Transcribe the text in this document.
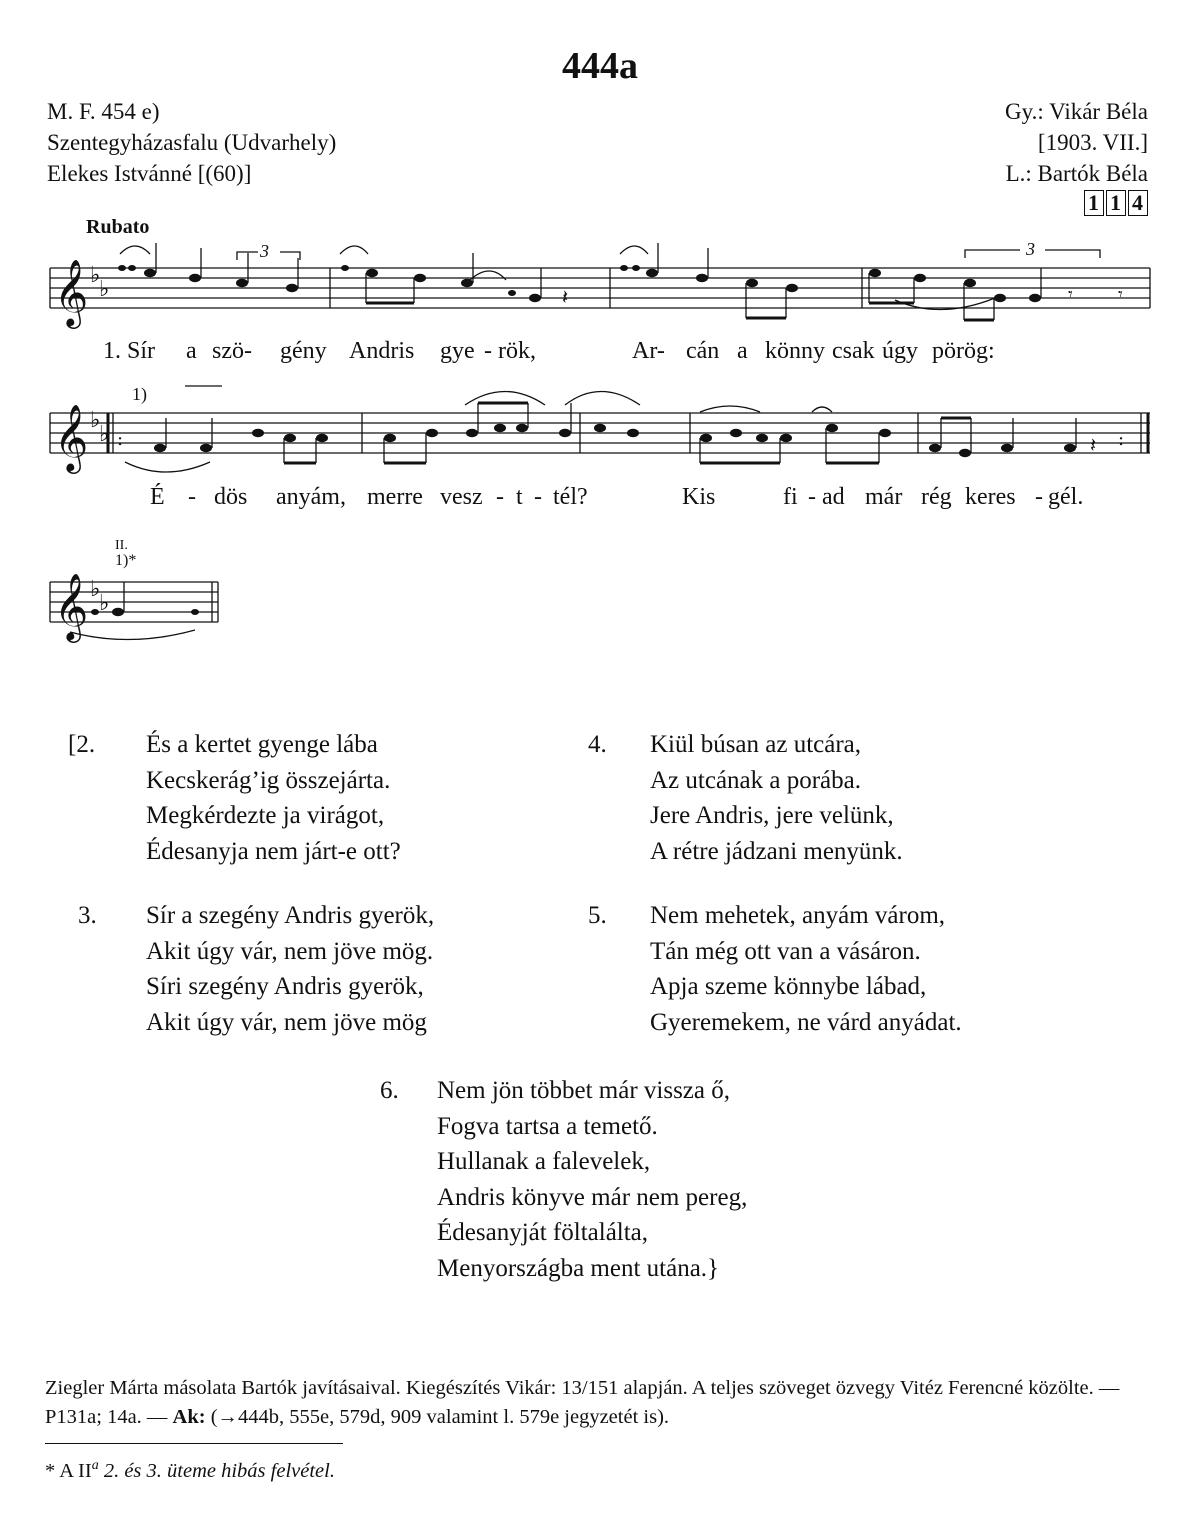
444a
M. F. 454 e)
Szentegyházasfalu (Udvarhely)
Elekes Istvánné [(60)]
Gy.: Vikár Béla
[1903. VII.]
L.: Bartók Béla
1 1 4
Rubato
𝄞
𝄞
𝄞
♭
♭
♭
♭
♭
♭
𝄽	𝄾	𝄾
𝄽 :
:
3	3
1)
II.
1)*
1. Sír a szö- gény Andris gye - rök,	Ar- cán a könny csak úgy pörög:
É - dös anyám, merre vesz - t - tél?	Kis	fi - ad már rég keres - gél.
[2. És a kertet gyenge lába
Kecskerág’ig összejárta.
Megkérdezte ja virágot,
Édesanyja nem járt-e ott?
4. Kiül búsan az utcára,
Az utcának a porába.
Jere Andris, jere velünk,
A rétre jádzani menyünk.
3. Sír a szegény Andris gyerök,
Akit úgy vár, nem jöve mög.
Síri szegény Andris gyerök,
Akit úgy vár, nem jöve mög
5. Nem mehetek, anyám várom,
Tán még ott van a vásáron.
Apja szeme könnybe lábad,
Gyeremekem, ne várd anyádat.
6. Nem jön többet már vissza ő,
Fogva tartsa a temető.
Hullanak a falevelek,
Andris könyve már nem pereg,
Édesanyját föltalálta,
Menyországba ment utána.}
Ziegler Márta másolata Bartók javításaival. Kiegészítés Vikár: 13/151 alapján. A teljes szöveget özvegy Vitéz Ferencné közölte. — P131a; 14a. — Ak: (→444b, 555e, 579d, 909 valamint l. 579e jegyzetét is).
* A $II^a$ 2. és 3. üteme hibás felvétel.
